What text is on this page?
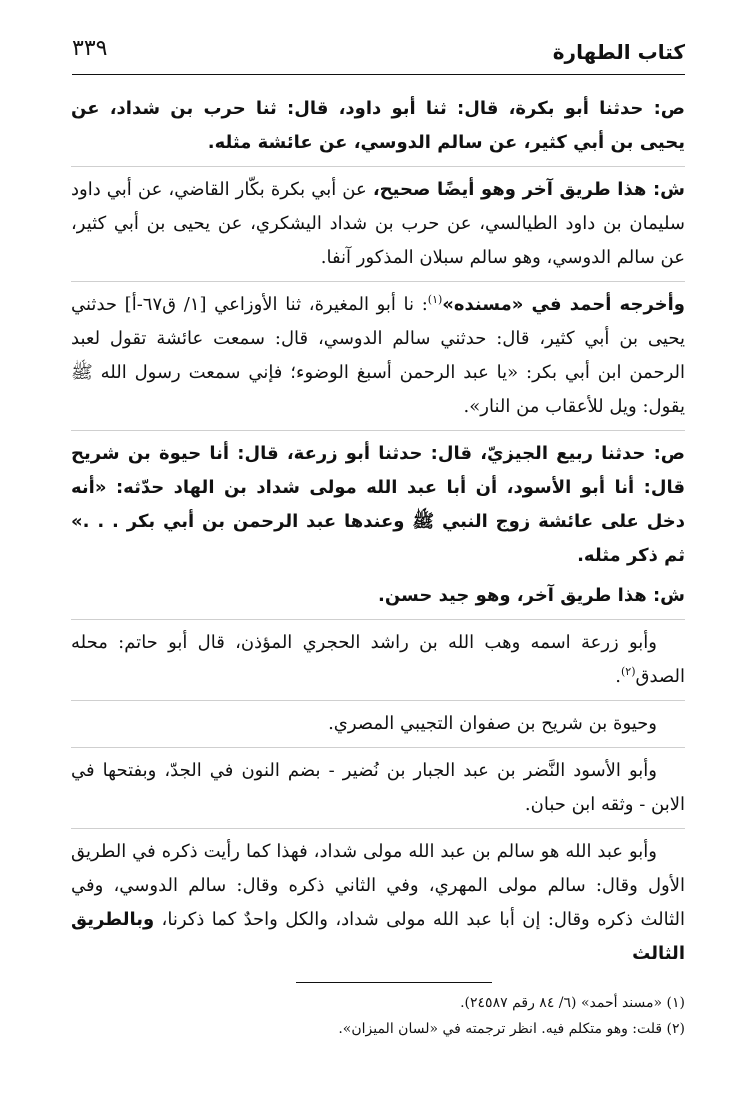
كتاب الطهارة
٣٣٩

ص: حدثنا أبو بكرة، قال: ثنا أبو داود، قال: ثنا حرب بن شداد، عن يحيى بن أبي كثير، عن سالم الدوسي، عن عائشة مثله.

ش: هذا طريق آخر وهو أيضًا صحيح، عن أبي بكرة بكّار القاضي، عن أبي داود سليمان بن داود الطيالسي، عن حرب بن شداد اليشكري، عن يحيى بن أبي كثير، عن سالم الدوسي، وهو سالم سبلان المذكور آنفا.

وأخرجه أحمد في «مسنده»$^{(١)}$: نا أبو المغيرة، ثنا الأوزاعي [١/ ق٦٧-أ] حدثني يحيى بن أبي كثير، قال: حدثني سالم الدوسي، قال: سمعت عائشة تقول لعبد الرحمن ابن أبي بكر: «يا عبد الرحمن أسبغ الوضوء؛ فإني سمعت رسول الله ﷺ يقول: ويل للأعقاب من النار».

ص: حدثنا ربيع الجيزيّ، قال: حدثنا أبو زرعة، قال: أنا حيوة بن شريح قال: أنا أبو الأسود، أن أبا عبد الله مولى شداد بن الهاد حدّثه: «أنه دخل على عائشة زوج النبي ﷺ وعندها عبد الرحمن بن أبي بكر . . .» ثم ذكر مثله.

ش: هذا طريق آخر، وهو جيد حسن.

وأبو زرعة اسمه وهب الله بن راشد الحجري المؤذن، قال أبو حاتم: محله الصدق$^{(٢)}$.

وحيوة بن شريح بن صفوان التجيبي المصري.

وأبو الأسود النَّضر بن عبد الجبار بن نُضير - بضم النون في الجدّ، وبفتحها في الابن - وثقه ابن حبان.

وأبو عبد الله هو سالم بن عبد الله مولى شداد، فهذا كما رأيت ذكره في الطريق الأول وقال: سالم مولى المهري، وفي الثاني ذكره وقال: سالم الدوسي، وفي الثالث ذكره وقال: إن أبا عبد الله مولى شداد، والكل واحدٌ كما ذكرنا، وبالطريق الثالث

(١) «مسند أحمد» (٦/ ٨٤ رقم ٢٤٥٨٧).

(٢) قلت: وهو متكلم فيه. انظر ترجمته في «لسان الميزان».
